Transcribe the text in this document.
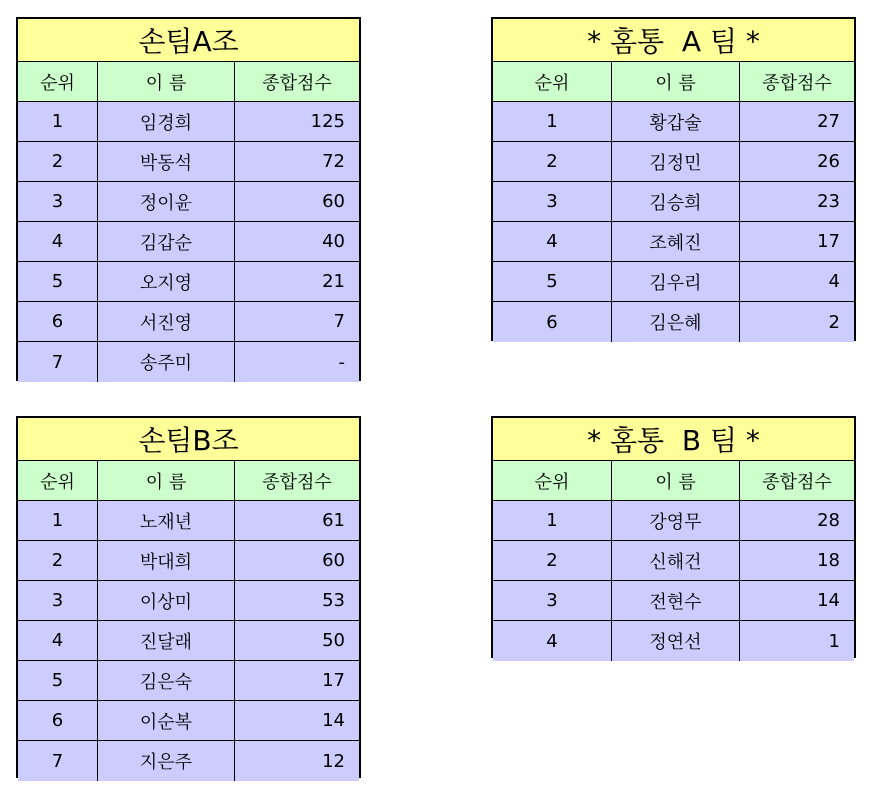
손팀A조
순위	이 름	종합점수
1	임경희	125
2	박동석	72
3	정이윤	60
4	김갑순	40
5	오지영	21
6	서진영	7
7	송주미	-
* 홈통  A 팀 *
순위	이 름	종합점수
1	황갑술	27
2	김정민	26
3	김승희	23
4	조혜진	17
5	김우리	4
6	김은혜	2
손팀B조
순위	이 름	종합점수
1	노재년	61
2	박대희	60
3	이상미	53
4	진달래	50
5	김은숙	17
6	이순복	14
7	지은주	12
* 홈통  B 팀 *
순위	이 름	종합점수
1	강영무	28
2	신해건	18
3	전현수	14
4	정연선	1
